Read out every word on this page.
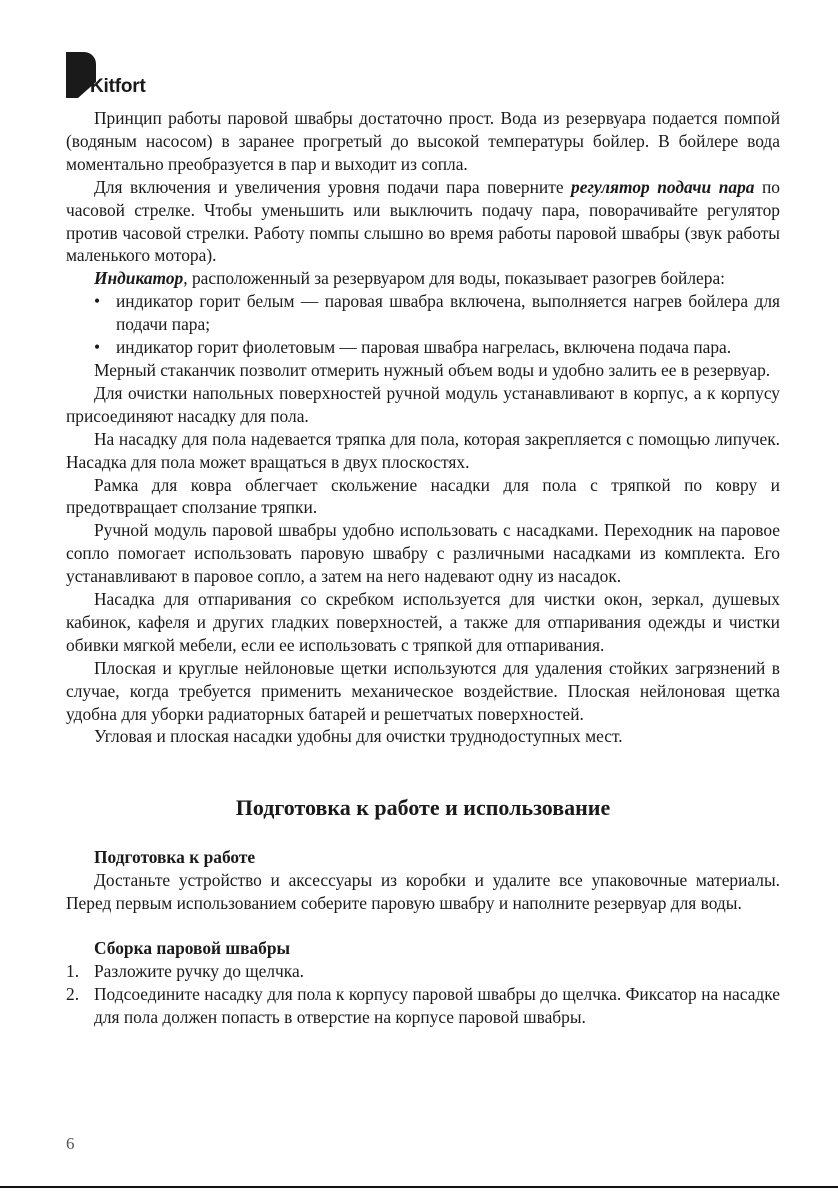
Kitfort

Принцип работы паровой швабры достаточно прост. Вода из резервуара подается помпой (водяным насосом) в заранее прогретый до высокой температуры бойлер. В бойлере вода моментально преобразуется в пар и выходит из сопла.

Для включения и увеличения уровня подачи пара поверните регулятор подачи пара по часовой стрелке. Чтобы уменьшить или выключить подачу пара, поворачивайте регулятор против часовой стрелки. Работу помпы слышно во время работы паровой швабры (звук работы маленького мотора).

Индикатор, расположенный за резервуаром для воды, показывает разогрев бойлера:

• индикатор горит белым — паровая швабра включена, выполняется нагрев бойлера для подачи пара;
• индикатор горит фиолетовым — паровая швабра нагрелась, включена подача пара.

Мерный стаканчик позволит отмерить нужный объем воды и удобно залить ее в резервуар.

Для очистки напольных поверхностей ручной модуль устанавливают в корпус, а к корпусу присоединяют насадку для пола.

На насадку для пола надевается тряпка для пола, которая закрепляется с помощью липучек. Насадка для пола может вращаться в двух плоскостях.

Рамка для ковра облегчает скольжение насадки для пола с тряпкой по ковру и предотвращает сползание тряпки.

Ручной модуль паровой швабры удобно использовать с насадками. Переходник на паровое сопло помогает использовать паровую швабру с различными насадками из комплекта. Его устанавливают в паровое сопло, а затем на него надевают одну из насадок.

Насадка для отпаривания со скребком используется для чистки окон, зеркал, душевых кабинок, кафеля и других гладких поверхностей, а также для отпаривания одежды и чистки обивки мягкой мебели, если ее использовать с тряпкой для отпаривания.

Плоская и круглые нейлоновые щетки используются для удаления стойких загрязнений в случае, когда требуется применить механическое воздействие. Плоская нейлоновая щетка удобна для уборки радиаторных батарей и решетчатых поверхностей.

Угловая и плоская насадки удобны для очистки труднодоступных мест.

Подготовка к работе и использование
Подготовка к работе

Достаньте устройство и аксессуары из коробки и удалите все упаковочные материалы. Перед первым использованием соберите паровую швабру и наполните резервуар для воды.

Сборка паровой швабры
1. Разложите ручку до щелчка.
2. Подсоедините насадку для пола к корпусу паровой швабры до щелчка. Фиксатор на насадке для пола должен попасть в отверстие на корпусе паровой швабры.
6
